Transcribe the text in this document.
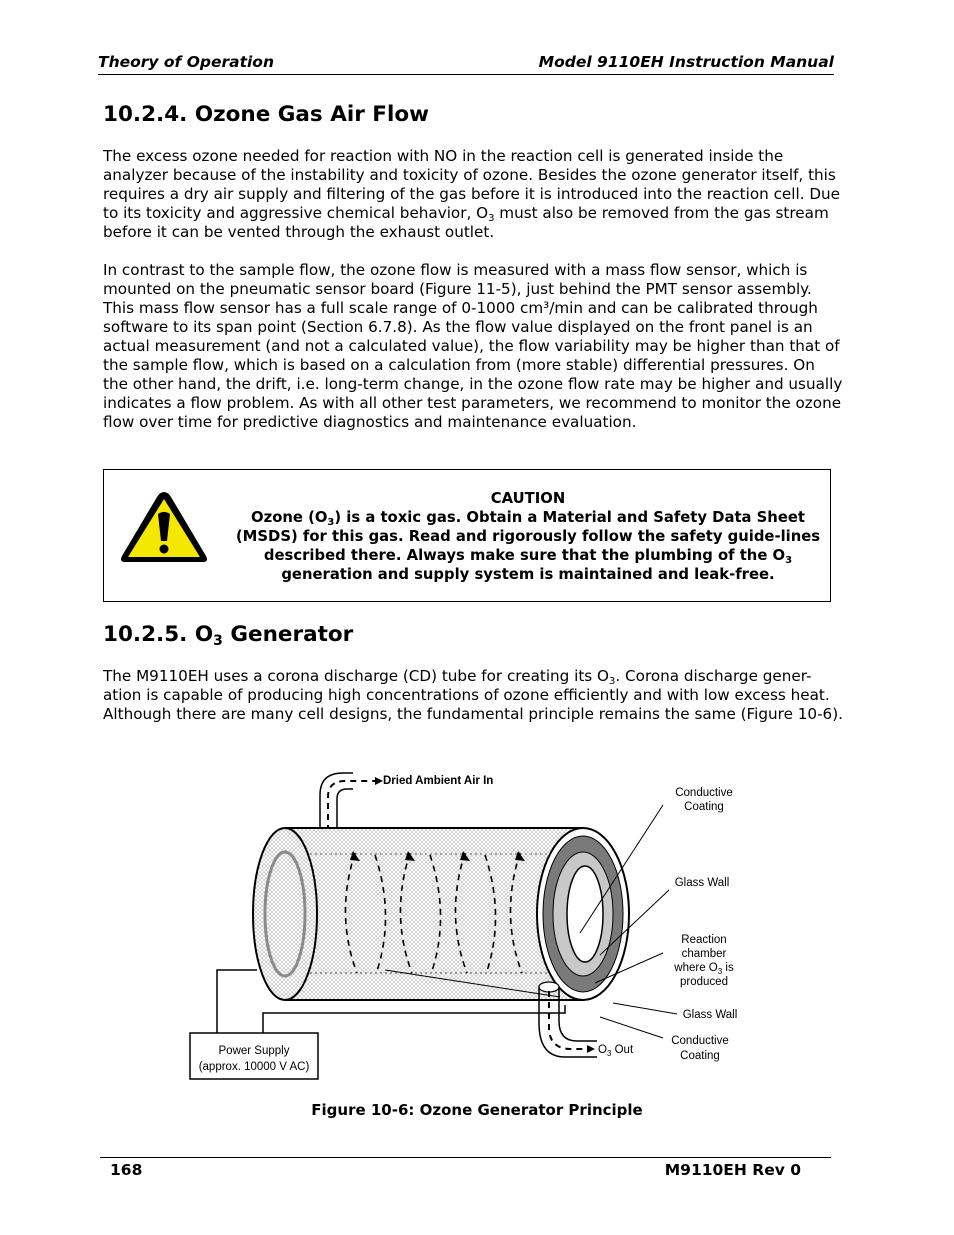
Theory of Operation	Model 9110EH Instruction Manual
10.2.4. Ozone Gas Air Flow

The excess ozone needed for reaction with NO in the reaction cell is generated inside the analyzer because of the instability and toxicity of ozone. Besides the ozone generator itself, this requires a dry air supply and filtering of the gas before it is introduced into the reaction cell. Due to its toxicity and aggressive chemical behavior, $O_3$ must also be removed from the gas stream before it can be vented through the exhaust outlet.

In contrast to the sample flow, the ozone flow is measured with a mass flow sensor, which is mounted on the pneumatic sensor board (Figure 11-5), just behind the PMT sensor assembly. This mass flow sensor has a full scale range of 0-1000 cm³/min and can be calibrated through software to its span point (Section 6.7.8). As the flow value displayed on the front panel is an actual measurement (and not a calculated value), the flow variability may be higher than that of the sample flow, which is based on a calculation from (more stable) differential pressures. On the other hand, the drift, i.e. long-term change, in the ozone flow rate may be higher and usually indicates a flow problem. As with all other test parameters, we recommend to monitor the ozone flow over time for predictive diagnostics and maintenance evaluation.

CAUTION
Ozone $(O_3)$ is a toxic gas. Obtain a Material and Safety Data Sheet (MSDS) for this gas. Read and rigorously follow the safety guide-lines described there. Always make sure that the plumbing of the $O_3$ generation and supply system is maintained and leak-free.
10.2.5. $O_3$ Generator

The M9110EH uses a corona discharge (CD) tube for creating its $O_3$. Corona discharge gener-ation is capable of producing high concentrations of ozone efficiently and with low excess heat. Although there are many cell designs, the fundamental principle remains the same (Figure 10-6).

Power Supply
(approx. 10000 V AC)
Dried Ambient Air In
Conductive
Coating
Glass Wall
Reaction
chamber
where $O_3$ is
produced
Glass Wall
Conductive
Coating
$O_3$ Out
Figure 10-6: Ozone Generator Principle
168	M9110EH Rev 0
